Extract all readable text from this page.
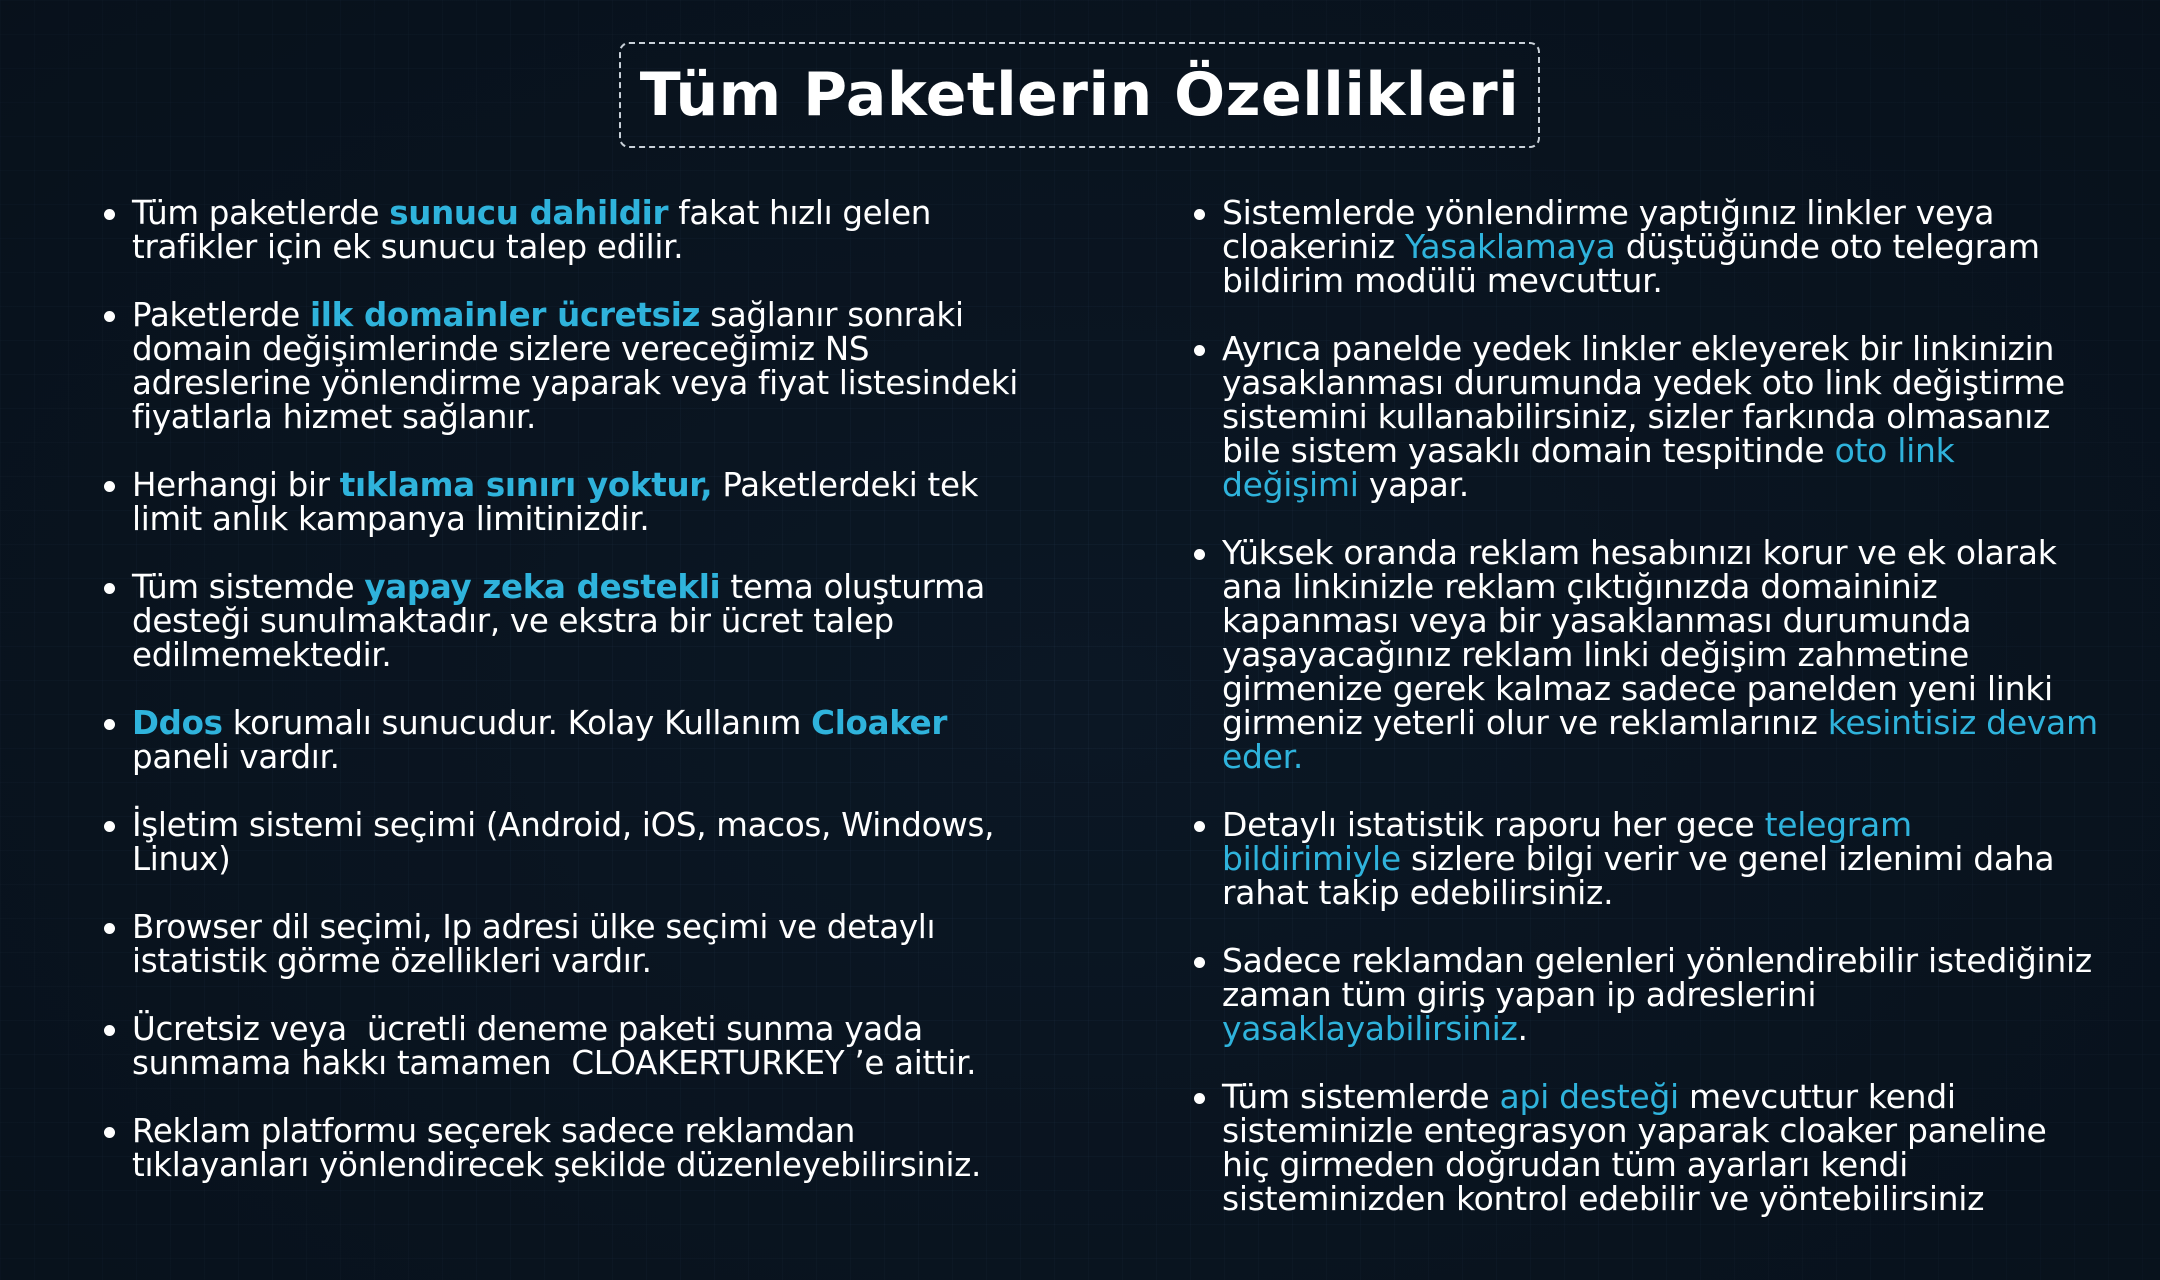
Tüm Paketlerin Özellikleri
Tüm paketlerde sunucu dahildir fakat hızlı gelen trafikler için ek sunucu talep edilir.
Paketlerde ilk domainler ücretsiz sağlanır sonraki domain değişimlerinde sizlere vereceğimiz NS adreslerine yönlendirme yaparak veya fiyat listesindeki fiyatlarla hizmet sağlanır.
Herhangi bir tıklama sınırı yoktur, Paketlerdeki tek limit anlık kampanya limitinizdir.
Tüm sistemde yapay zeka destekli tema oluşturma desteği sunulmaktadır, ve ekstra bir ücret talep edilmemektedir.
Ddos korumalı sunucudur. Kolay Kullanım Cloaker paneli vardır.
İşletim sistemi seçimi (Android, iOS, macos, Windows, Linux)
Browser dil seçimi, Ip adresi ülke seçimi ve detaylı istatistik görme özellikleri vardır.
Ücretsiz veya  ücretli deneme paketi sunma yada sunmama hakkı tamamen  CLOAKERTURKEY ’e aittir.
Reklam platformu seçerek sadece reklamdan tıklayanları yönlendirecek şekilde düzenleyebilirsiniz.
Sistemlerde yönlendirme yaptığınız linkler veya cloakeriniz Yasaklamaya düştüğünde oto telegram bildirim modülü mevcuttur.
Ayrıca panelde yedek linkler ekleyerek bir linkinizin yasaklanması durumunda yedek oto link değiştirme sistemini kullanabilirsiniz, sizler farkında olmasanız bile sistem yasaklı domain tespitinde oto link değişimi yapar.
Yüksek oranda reklam hesabınızı korur ve ek olarak ana linkinizle reklam çıktığınızda domaininiz kapanması veya bir yasaklanması durumunda yaşayacağınız reklam linki değişim zahmetine girmenize gerek kalmaz sadece panelden yeni linki girmeniz yeterli olur ve reklamlarınız kesintisiz devam eder.
Detaylı istatistik raporu her gece telegram bildirimiyle sizlere bilgi verir ve genel izlenimi daha rahat takip edebilirsiniz.
Sadece reklamdan gelenleri yönlendirebilir istediğiniz zaman tüm giriş yapan ip adreslerini yasaklayabilirsiniz.
Tüm sistemlerde api desteği mevcuttur kendi sisteminizle entegrasyon yaparak cloaker paneline hiç girmeden doğrudan tüm ayarları kendi sisteminizden kontrol edebilir ve yöntebilirsiniz
